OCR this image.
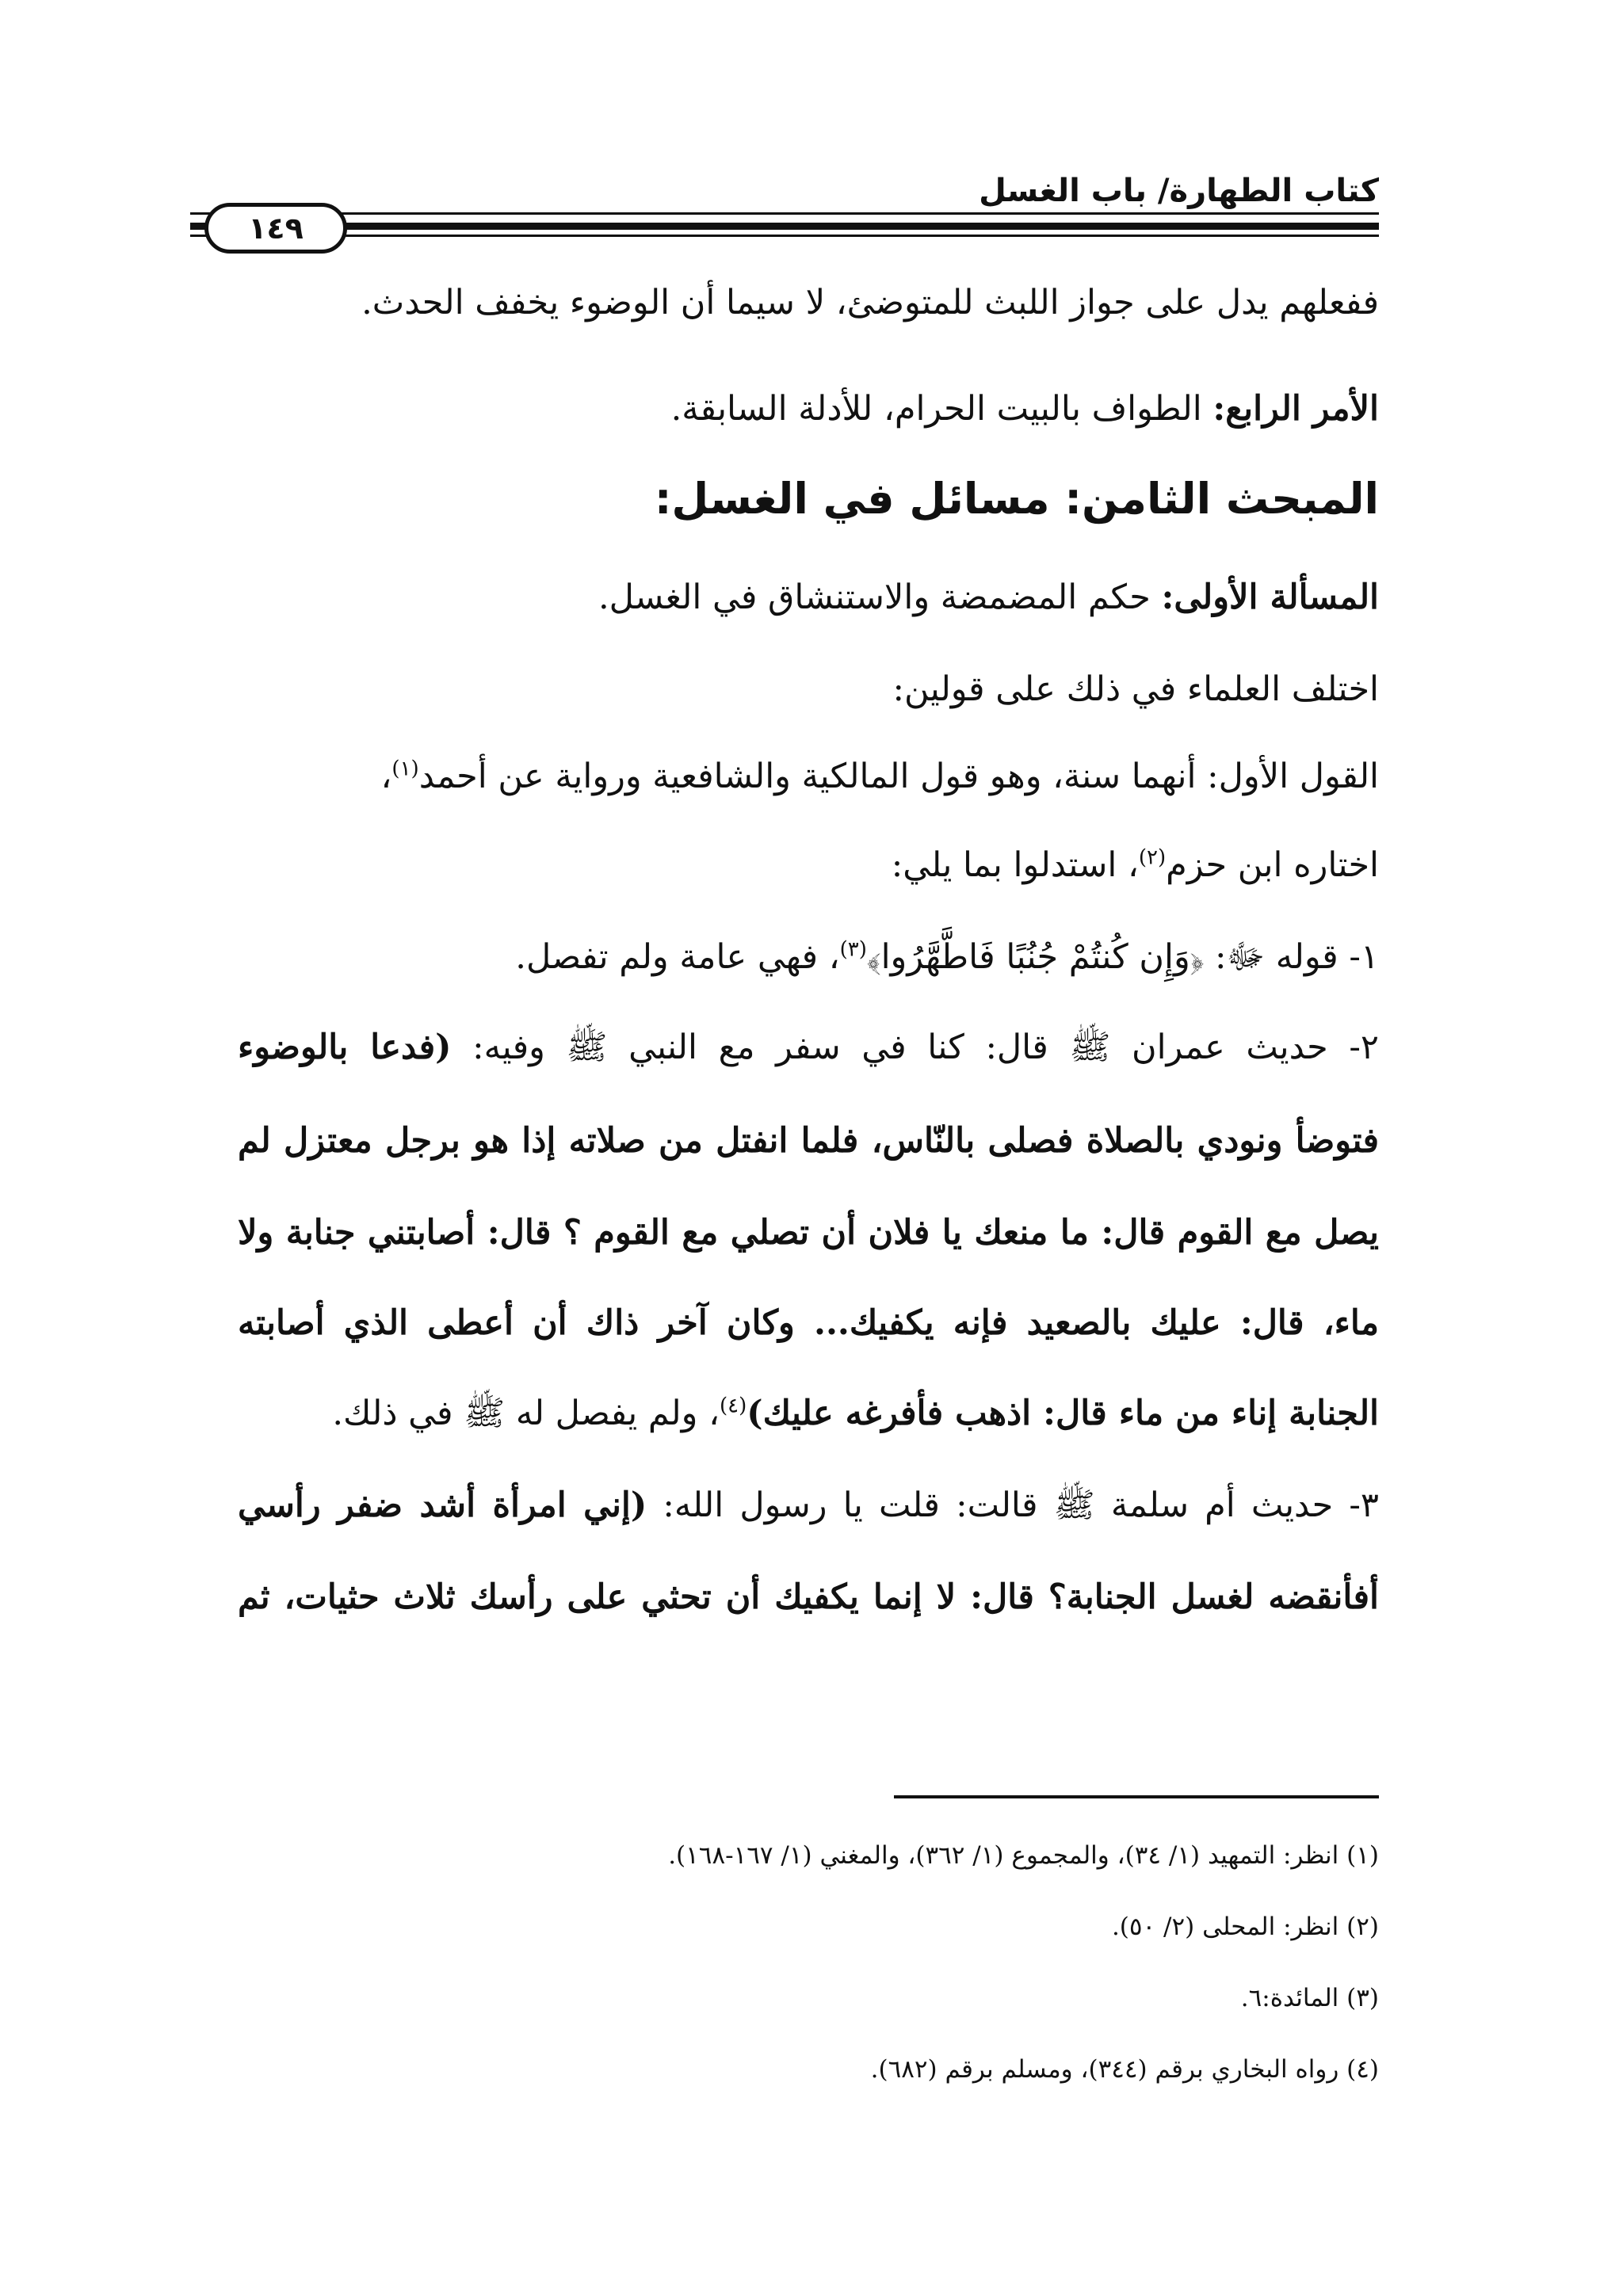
كتاب الطهارة/ باب الغسل
١٤٩
ففعلهم يدل على جواز اللبث للمتوضئ، لا سيما أن الوضوء يخفف الحدث.
الأمر الرابع: الطواف بالبيت الحرام، للأدلة السابقة.
المبحث الثامن: مسائل في الغسل:
المسألة الأولى: حكم المضمضة والاستنشاق في الغسل.
اختلف العلماء في ذلك على قولين:
القول الأول: أنهما سنة، وهو قول المالكية والشافعية ورواية عن أحمد$^{(١)}$،
اختاره ابن حزم$^{(٢)}$، استدلوا بما يلي:
١- قوله ﷻ: ﴿وَإِن كُنتُمْ جُنُبًا فَاطَّهَّرُوا﴾$^{(٣)}$، فهي عامة ولم تفصل.
٢- حديث عمران ﷺ قال: كنا في سفر مع النبي ﷺ وفيه: (فدعا بالوضوء
فتوضأ ونودي بالصلاة فصلى بالنّاس، فلما انفتل من صلاته إذا هو برجل معتزل لم
يصل مع القوم قال: ما منعك يا فلان أن تصلي مع القوم ؟ قال: أصابتني جنابة ولا
ماء، قال: عليك بالصعيد فإنه يكفيك... وكان آخر ذاك أن أعطى الذي أصابته
الجنابة إناء من ماء قال: اذهب فأفرغه عليك)$^{(٤)}$، ولم يفصل له ﷺ في ذلك.
٣- حديث أم سلمة ﷺ قالت: قلت يا رسول الله: (إني امرأة أشد ضفر رأسي
أفأنقضه لغسل الجنابة؟ قال: لا إنما يكفيك أن تحثي على رأسك ثلاث حثيات، ثم
(١) انظر: التمهيد (١/ ٣٤)، والمجموع (١/ ٣٦٢)، والمغني (١/ ١٦٧-١٦٨).
(٢) انظر: المحلى (٢/ ٥٠).
(٣) المائدة:٦.
(٤) رواه البخاري برقم (٣٤٤)، ومسلم برقم (٦٨٢).
